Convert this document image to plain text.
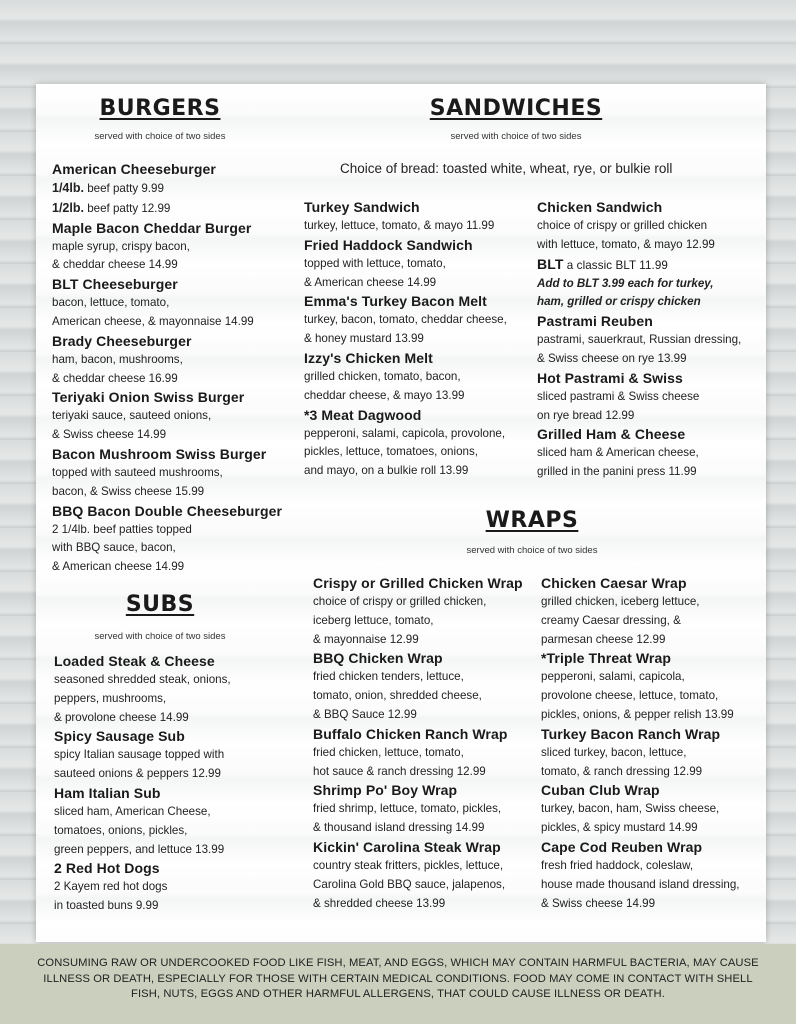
BURGERS
served with choice of two sides
American Cheeseburger
1/4lb. beef patty 9.99
1/2lb. beef patty 12.99
Maple Bacon Cheddar Burger
maple syrup, crispy bacon,
& cheddar cheese 14.99
BLT Cheeseburger
bacon, lettuce, tomato,
American cheese, & mayonnaise 14.99
Brady Cheeseburger
ham, bacon, mushrooms,
& cheddar cheese 16.99
Teriyaki Onion Swiss Burger
teriyaki sauce, sauteed onions,
& Swiss cheese 14.99
Bacon Mushroom Swiss Burger
topped with sauteed mushrooms,
bacon, & Swiss cheese 15.99
BBQ Bacon Double Cheeseburger
2 1/4lb. beef patties topped
with BBQ sauce, bacon,
& American cheese 14.99
SUBS
served with choice of two sides
Loaded Steak & Cheese
seasoned shredded steak, onions,
peppers, mushrooms,
& provolone cheese 14.99
Spicy Sausage Sub
spicy Italian sausage topped with
sauteed onions & peppers 12.99
Ham Italian Sub
sliced ham, American Cheese,
tomatoes, onions, pickles,
green peppers, and lettuce 13.99
2 Red Hot Dogs
2 Kayem red hot dogs
in toasted buns 9.99
SANDWICHES
served with choice of two sides
Choice of bread: toasted white, wheat, rye, or bulkie roll
Turkey Sandwich
turkey, lettuce, tomato, & mayo 11.99
Fried Haddock Sandwich
topped with lettuce, tomato,
& American cheese 14.99
Emma's Turkey Bacon Melt
turkey, bacon, tomato, cheddar cheese,
& honey mustard 13.99
Izzy's Chicken Melt
grilled chicken, tomato, bacon,
cheddar cheese, & mayo 13.99
*3 Meat Dagwood
pepperoni, salami, capicola, provolone,
pickles, lettuce, tomatoes, onions,
and mayo, on a bulkie roll 13.99
Chicken Sandwich
choice of crispy or grilled chicken
with lettuce, tomato, & mayo 12.99
BLT a classic BLT 11.99
Add to BLT 3.99 each for turkey,
ham, grilled or crispy chicken
Pastrami Reuben
pastrami, sauerkraut, Russian dressing,
& Swiss cheese on rye 13.99
Hot Pastrami & Swiss
sliced pastrami & Swiss cheese
on rye bread 12.99
Grilled Ham & Cheese
sliced ham & American cheese,
grilled in the panini press 11.99
WRAPS
served with choice of two sides
Crispy or Grilled Chicken Wrap
choice of crispy or grilled chicken,
iceberg lettuce, tomato,
& mayonnaise 12.99
BBQ Chicken Wrap
fried chicken tenders, lettuce,
tomato, onion, shredded cheese,
& BBQ Sauce 12.99
Buffalo Chicken Ranch Wrap
fried chicken, lettuce, tomato,
hot sauce & ranch dressing 12.99
Shrimp Po' Boy Wrap
fried shrimp, lettuce, tomato, pickles,
& thousand island dressing 14.99
Kickin' Carolina Steak Wrap
country steak fritters, pickles, lettuce,
Carolina Gold BBQ sauce, jalapenos,
& shredded cheese 13.99
Chicken Caesar Wrap
grilled chicken, iceberg lettuce,
creamy Caesar dressing, &
parmesan cheese 12.99
*Triple Threat Wrap
pepperoni, salami, capicola,
provolone cheese, lettuce, tomato,
pickles, onions, & pepper relish 13.99
Turkey Bacon Ranch Wrap
sliced turkey, bacon, lettuce,
tomato, & ranch dressing 12.99
Cuban Club Wrap
turkey, bacon, ham, Swiss cheese,
pickles, & spicy mustard 14.99
Cape Cod Reuben Wrap
fresh fried haddock, coleslaw,
house made thousand island dressing,
& Swiss cheese 14.99

CONSUMING RAW OR UNDERCOOKED FOOD LIKE FISH, MEAT, AND EGGS, WHICH MAY CONTAIN HARMFUL BACTERIA, MAY CAUSE ILLNESS OR DEATH, ESPECIALLY FOR THOSE WITH CERTAIN MEDICAL CONDITIONS. FOOD MAY COME IN CONTACT WITH SHELL FISH, NUTS, EGGS AND OTHER HARMFUL ALLERGENS, THAT COULD CAUSE ILLNESS OR DEATH.
